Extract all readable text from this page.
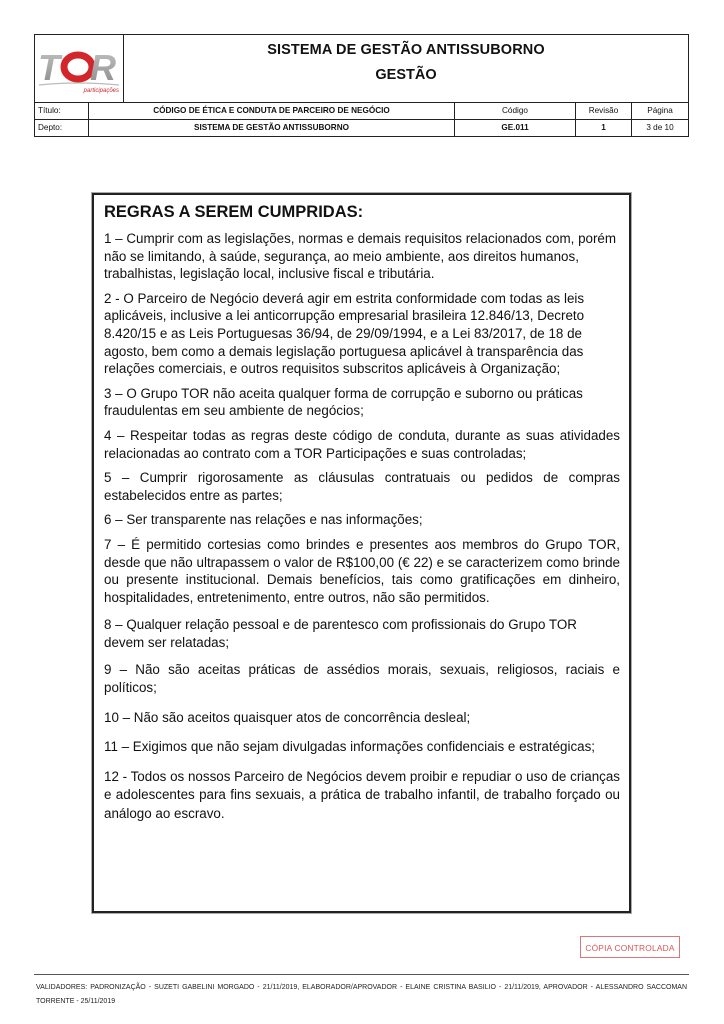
T R
participações
SISTEMA DE GESTÃO ANTISSUBORNO
GESTÃO
Título:	CÓDIGO DE ÉTICA E CONDUTA DE PARCEIRO DE NEGÓCIO	Código	Revisão	Página
Depto:	SISTEMA DE GESTÃO ANTISSUBORNO	GE.011	1	3 de 10
REGRAS A SEREM CUMPRIDAS:

1 – Cumprir com as legislações, normas e demais requisitos relacionados com, porém não se limitando, à saúde, segurança, ao meio ambiente, aos direitos humanos, trabalhistas, legislação local, inclusive fiscal e tributária.

2 - O Parceiro de Negócio deverá agir em estrita conformidade com todas as leis aplicáveis, inclusive a lei anticorrupção empresarial brasileira 12.846/13, Decreto 8.420/15 e as Leis Portuguesas 36/94, de 29/09/1994, e a Lei 83/2017, de 18 de agosto, bem como a demais legislação portuguesa aplicável à transparência das relações comerciais, e outros requisitos subscritos aplicáveis à Organização;

3 – O Grupo TOR não aceita qualquer forma de corrupção e suborno ou práticas fraudulentas em seu ambiente de negócios;

4 – Respeitar todas as regras deste código de conduta, durante as suas atividades relacionadas ao contrato com a TOR Participações e suas controladas;

5 – Cumprir rigorosamente as cláusulas contratuais ou pedidos de compras estabelecidos entre as partes;

6 – Ser transparente nas relações e nas informações;

7 – É permitido cortesias como brindes e presentes aos membros do Grupo TOR, desde que não ultrapassem o valor de R$100,00 (€ 22) e se caracterizem como brinde ou presente institucional. Demais benefícios, tais como gratificações em dinheiro, hospitalidades, entretenimento, entre outros, não são permitidos.

8 – Qualquer relação pessoal e de parentesco com profissionais do Grupo TOR devem ser relatadas;

9 – Não são aceitas práticas de assédios morais, sexuais, religiosos, raciais e políticos;

10 – Não são aceitos quaisquer atos de concorrência desleal;

11 – Exigimos que não sejam divulgadas informações confidenciais e estratégicas;

12 - Todos os nossos Parceiro de Negócios devem proibir e repudiar o uso de crianças e adolescentes para fins sexuais, a prática de trabalho infantil, de trabalho forçado ou análogo ao escravo.

CÓPIA CONTROLADA
VALIDADORES: PADRONIZAÇÃO - SUZETI GABELINI MORGADO - 21/11/2019, ELABORADOR/APROVADOR - ELAINE CRISTINA BASILIO - 21/11/2019, APROVADOR - ALESSANDRO SACCOMAN TORRENTE - 25/11/2019
